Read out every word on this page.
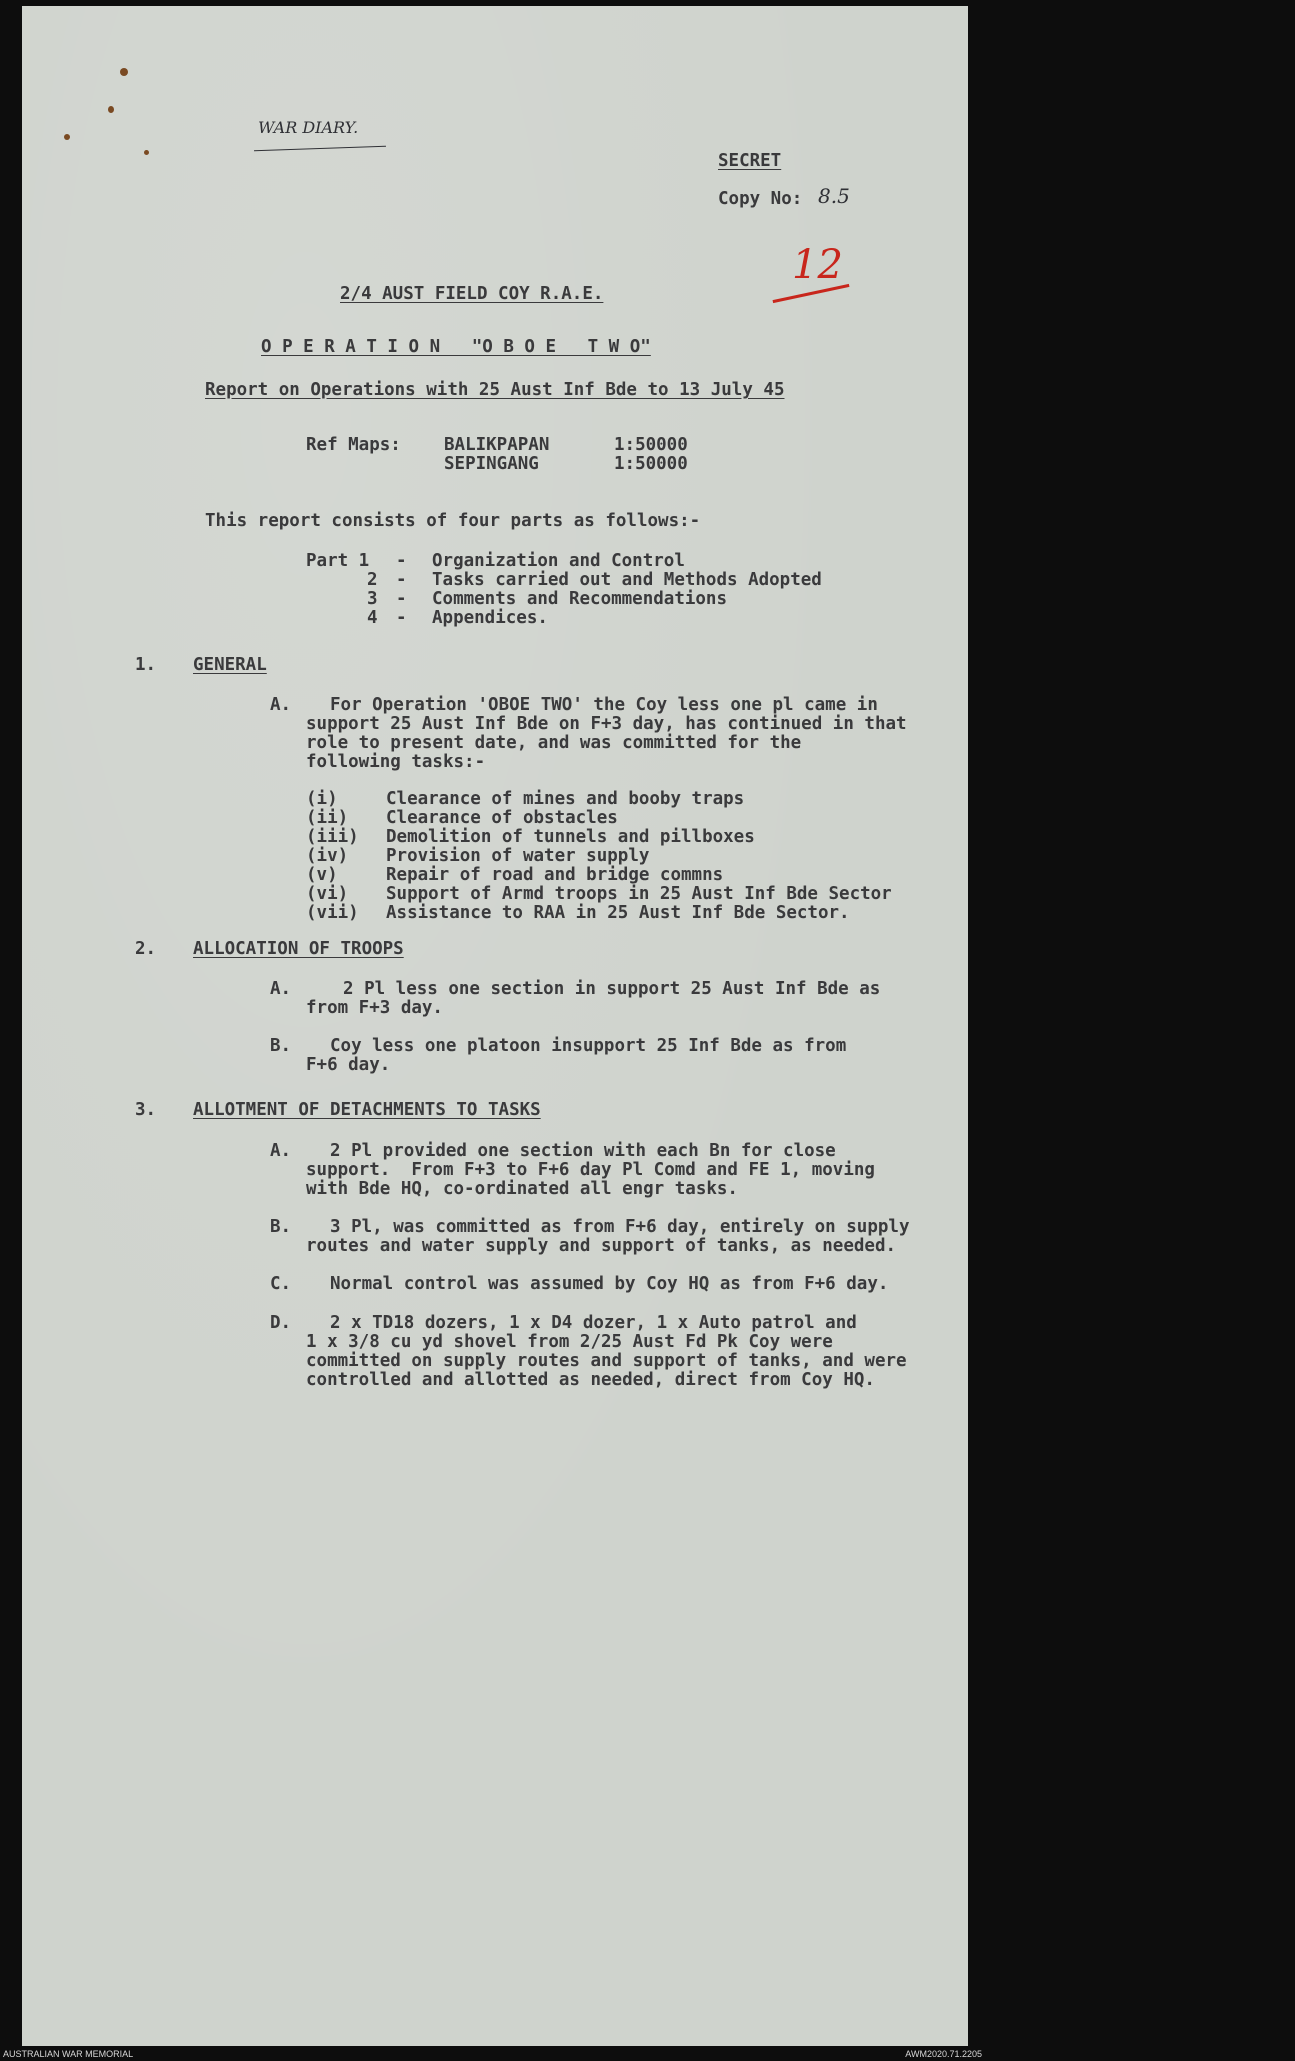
WAR DIARY.
SECRET
Copy No: 8.5
12
2/4 AUST FIELD COY R.A.E.
O P E R A T I O N   "O B O E   T W O"
Report on Operations with 25 Aust Inf Bde to 13 July 45
Ref Maps: BALIKPAPAN	1:50000
SEPINGANG	1:50000
This report consists of four parts as follows:-
Part 1 - Organization and Control
2 - Tasks carried out and Methods Adopted
3 - Comments and Recommendations
4 - Appendices.
1. GENERAL
A. For Operation 'OBOE TWO' the Coy less one pl came in
support 25 Aust Inf Bde on F+3 day, has continued in that
role to present date, and was committed for the
following tasks:-
(i)	Clearance of mines and booby traps
(ii) Clearance of obstacles
(iii) Demolition of tunnels and pillboxes
(iv) Provision of water supply
(v)	Repair of road and bridge commns
(vi) Support of Armd troops in 25 Aust Inf Bde Sector
(vii) Assistance to RAA in 25 Aust Inf Bde Sector.
2. ALLOCATION OF TROOPS
A.	2 Pl less one section in support 25 Aust Inf Bde as
from F+3 day.
B. Coy less one platoon insupport 25 Inf Bde as from
F+6 day.
3. ALLOTMENT OF DETACHMENTS TO TASKS
A. 2 Pl provided one section with each Bn for close
support.  From F+3 to F+6 day Pl Comd and FE 1, moving
with Bde HQ, co-ordinated all engr tasks.
B. 3 Pl, was committed as from F+6 day, entirely on supply
routes and water supply and support of tanks, as needed.
C. Normal control was assumed by Coy HQ as from F+6 day.
D. 2 x TD18 dozers, 1 x D4 dozer, 1 x Auto patrol and
1 x 3/8 cu yd shovel from 2/25 Aust Fd Pk Coy were
committed on supply routes and support of tanks, and were
controlled and allotted as needed, direct from Coy HQ.
AUSTRALIAN WAR MEMORIAL	AWM2020.71.2205
